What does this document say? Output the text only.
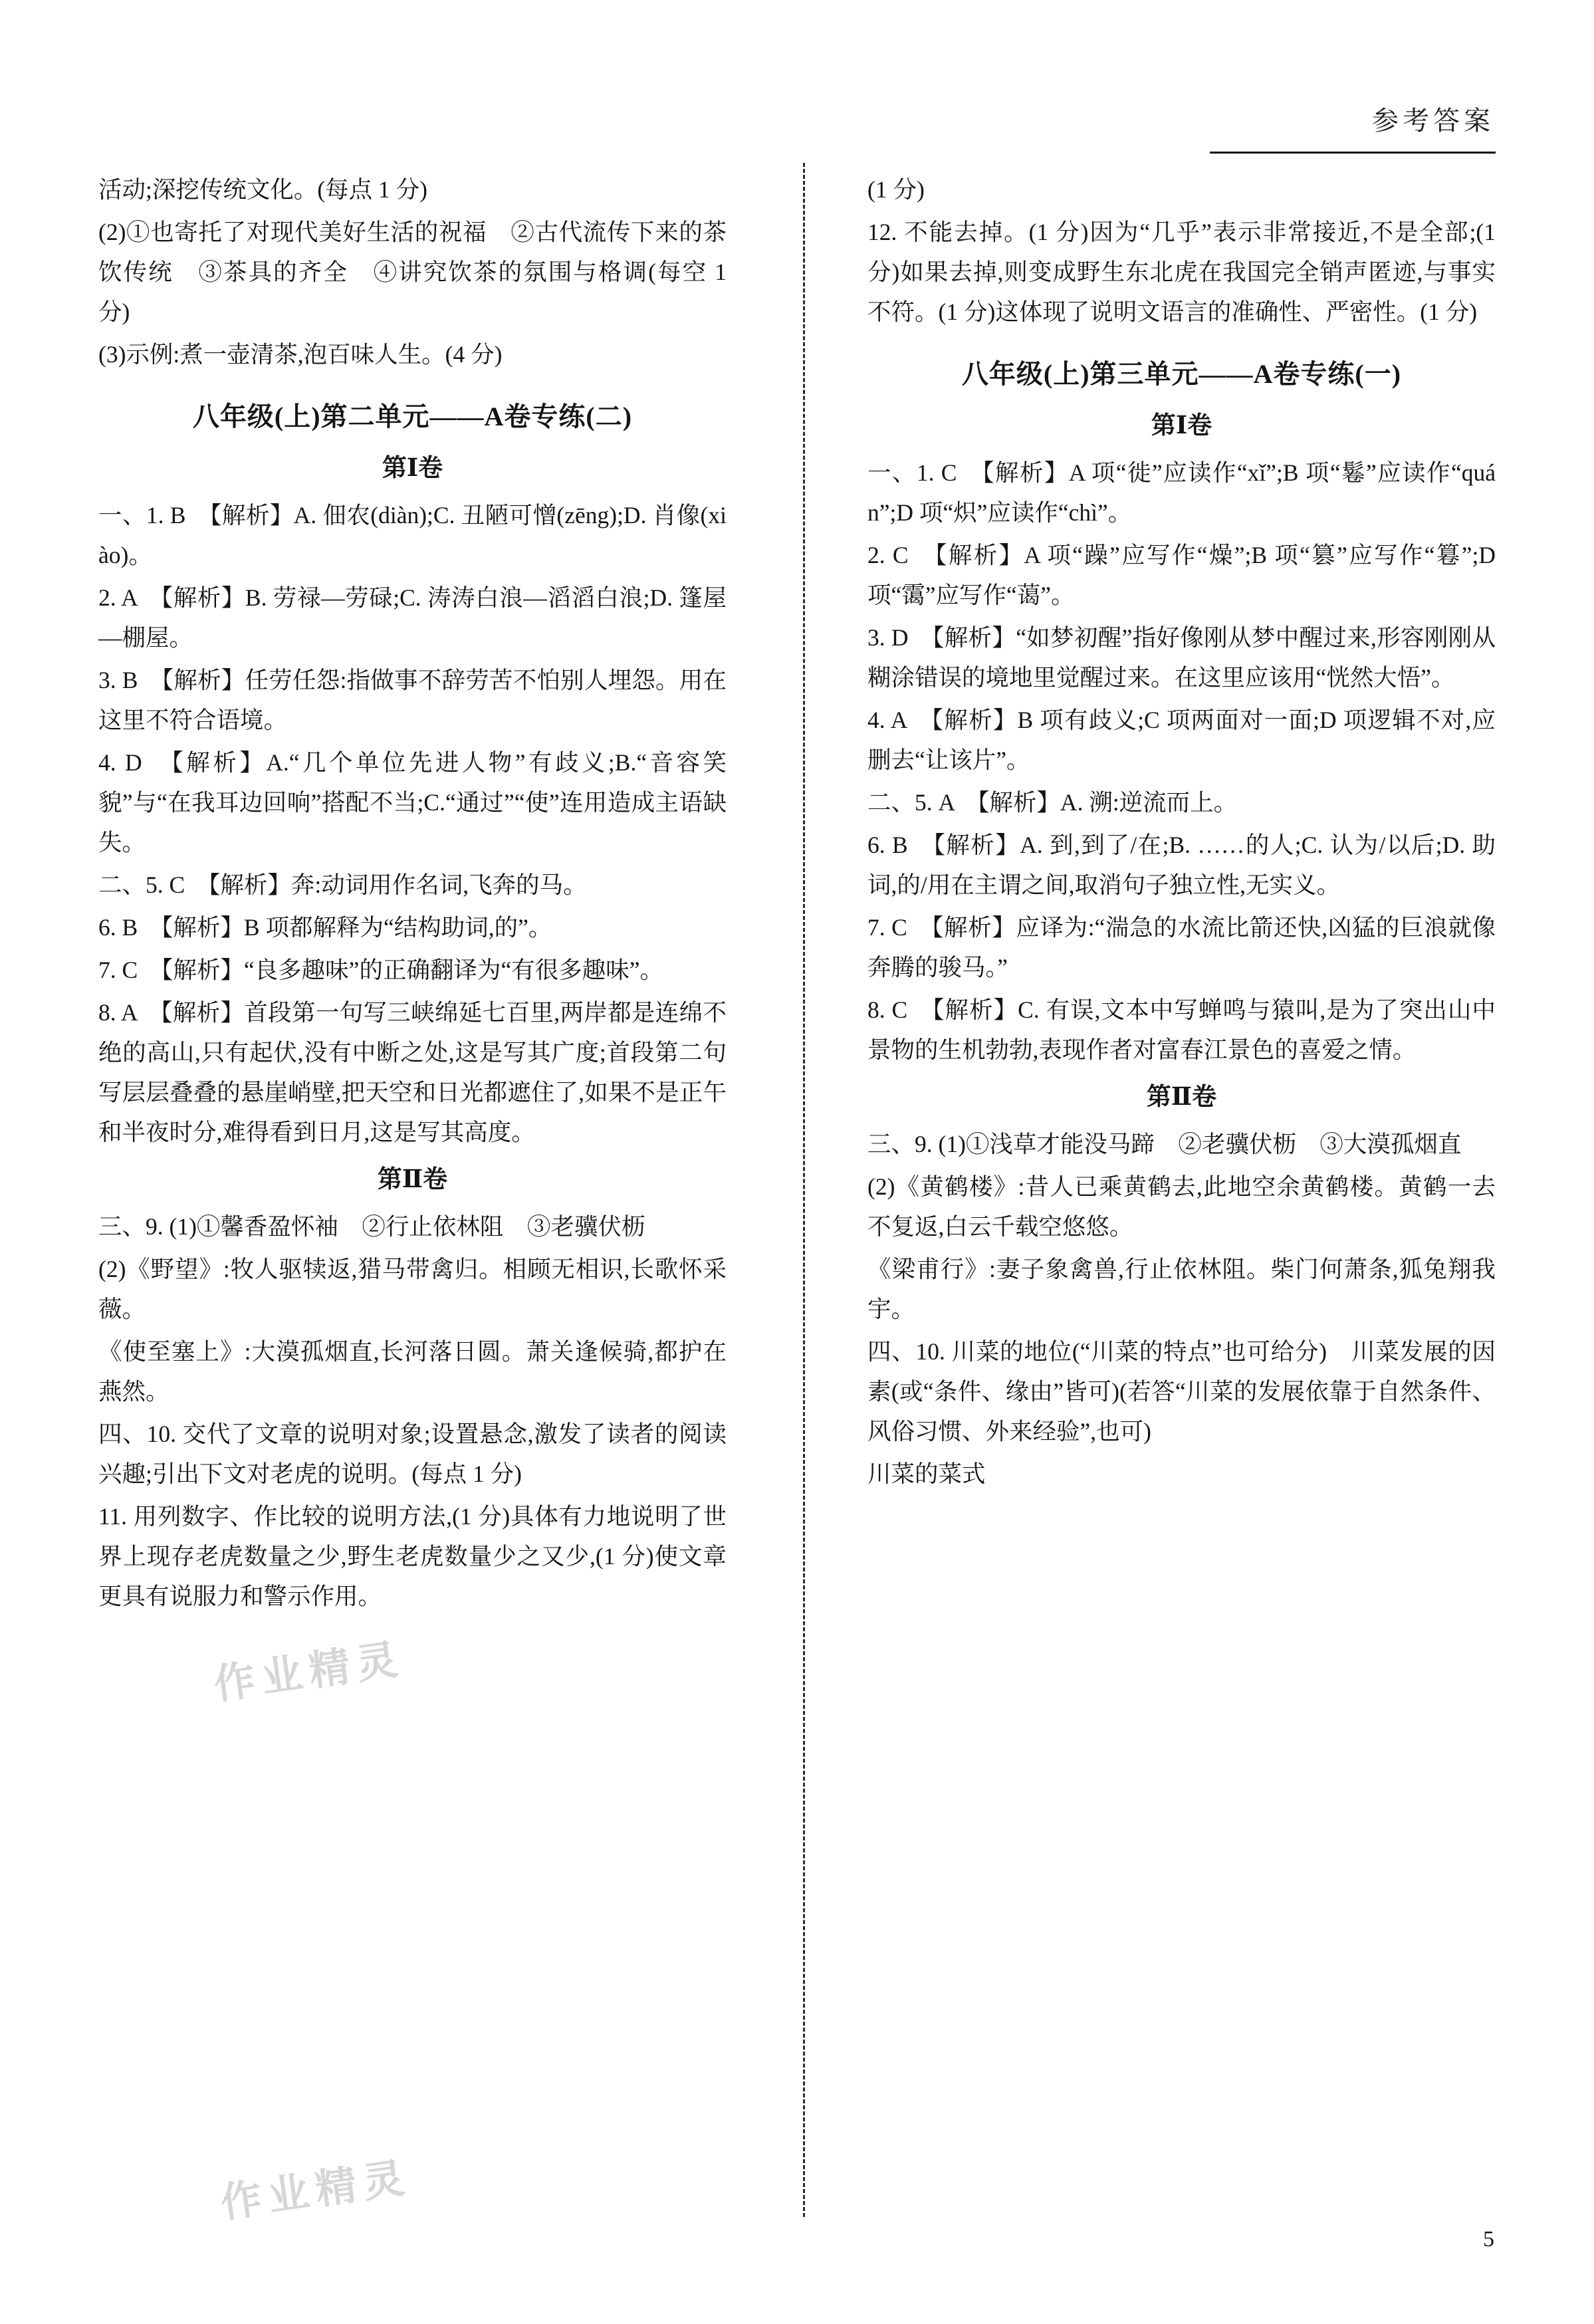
参考答案

活动;深挖传统文化。(每点 1 分)

(2)①也寄托了对现代美好生活的祝福　②古代流传下来的茶饮传统　③茶具的齐全　④讲究饮茶的氛围与格调(每空 1 分)

(3)示例:煮一壶清茶,泡百味人生。(4 分)

八年级(上)第二单元——A卷专练(二)
第Ⅰ卷

一、1. B　【解析】A. 佃农(diàn);C. 丑陋可憎(zēng);D. 肖像(xiào)。

2. A　【解析】B. 劳禄—劳碌;C. 涛涛白浪—滔滔白浪;D. 篷屋—棚屋。

3. B　【解析】任劳任怨:指做事不辞劳苦不怕别人埋怨。用在这里不符合语境。

4. D　【解析】A.“几个单位先进人物”有歧义;B.“音容笑貌”与“在我耳边回响”搭配不当;C.“通过”“使”连用造成主语缺失。

二、5. C　【解析】奔:动词用作名词,飞奔的马。

6. B　【解析】B 项都解释为“结构助词,的”。

7. C　【解析】“良多趣味”的正确翻译为“有很多趣味”。

8. A　【解析】首段第一句写三峡绵延七百里,两岸都是连绵不绝的高山,只有起伏,没有中断之处,这是写其广度;首段第二句写层层叠叠的悬崖峭壁,把天空和日光都遮住了,如果不是正午和半夜时分,难得看到日月,这是写其高度。

第Ⅱ卷

三、9. (1)①馨香盈怀袖　②行止依林阻　③老骥伏枥

(2)《野望》:牧人驱犊返,猎马带禽归。相顾无相识,长歌怀采薇。

《使至塞上》:大漠孤烟直,长河落日圆。萧关逢候骑,都护在燕然。

四、10. 交代了文章的说明对象;设置悬念,激发了读者的阅读兴趣;引出下文对老虎的说明。(每点 1 分)

11. 用列数字、作比较的说明方法,(1 分)具体有力地说明了世界上现存老虎数量之少,野生老虎数量少之又少,(1 分)使文章更具有说服力和警示作用。

(1 分)

12. 不能去掉。(1 分)因为“几乎”表示非常接近,不是全部;(1 分)如果去掉,则变成野生东北虎在我国完全销声匿迹,与事实不符。(1 分)这体现了说明文语言的准确性、严密性。(1 分)

八年级(上)第三单元——A卷专练(一)
第Ⅰ卷

一、1. C　【解析】A 项“徙”应读作“xǐ”;B 项“鬈”应读作“quán”;D 项“炽”应读作“chì”。

2. C　【解析】A 项“躁”应写作“燥”;B 项“篡”应写作“篹”;D 项“霭”应写作“蔼”。

3. D　【解析】“如梦初醒”指好像刚从梦中醒过来,形容刚刚从糊涂错误的境地里觉醒过来。在这里应该用“恍然大悟”。

4. A　【解析】B 项有歧义;C 项两面对一面;D 项逻辑不对,应删去“让该片”。

二、5. A　【解析】A. 溯:逆流而上。

6. B　【解析】A. 到,到了/在;B. ……的人;C. 认为/以后;D. 助词,的/用在主谓之间,取消句子独立性,无实义。

7. C　【解析】应译为:“湍急的水流比箭还快,凶猛的巨浪就像奔腾的骏马。”

8. C　【解析】C. 有误,文本中写蝉鸣与猿叫,是为了突出山中景物的生机勃勃,表现作者对富春江景色的喜爱之情。

第Ⅱ卷

三、9. (1)①浅草才能没马蹄　②老骥伏枥　③大漠孤烟直

(2)《黄鹤楼》:昔人已乘黄鹤去,此地空余黄鹤楼。黄鹤一去不复返,白云千载空悠悠。

《梁甫行》:妻子象禽兽,行止依林阻。柴门何萧条,狐兔翔我宇。

四、10. 川菜的地位(“川菜的特点”也可给分)　川菜发展的因素(或“条件、缘由”皆可)(若答“川菜的发展依靠于自然条件、风俗习惯、外来经验”,也可)

川菜的菜式

作业精灵
作业精灵
5
